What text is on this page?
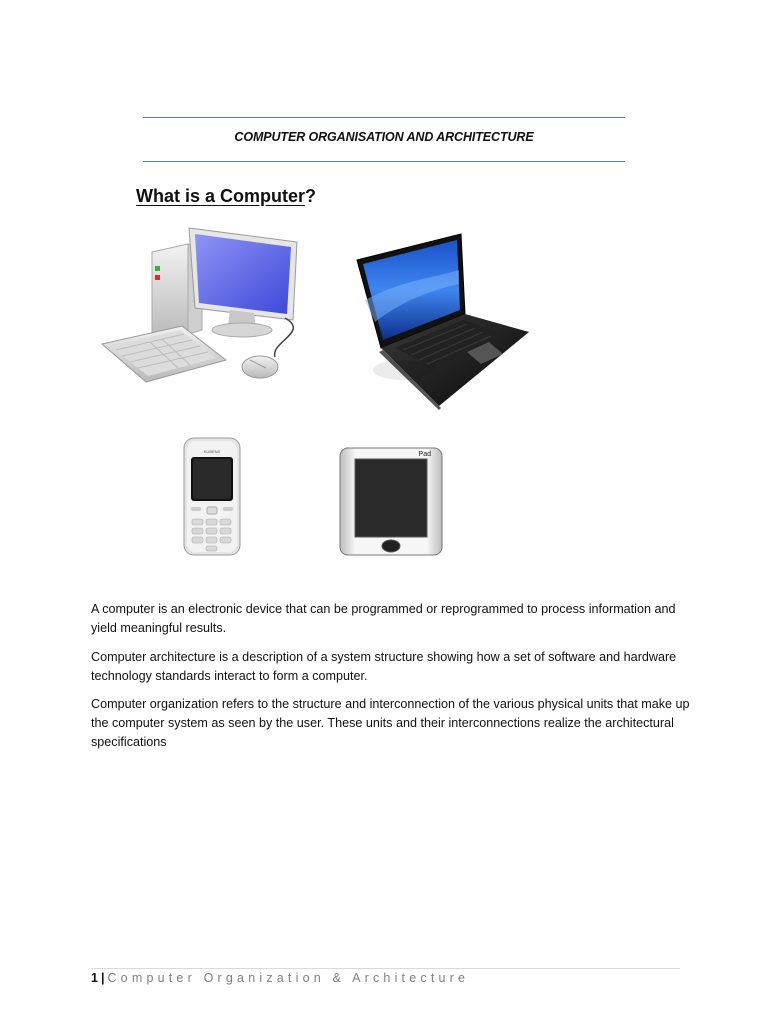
COMPUTER ORGANISATION AND ARCHITECTURE
What is a Computer?
KUBENS	Pad

A computer is an electronic device that can be programmed or reprogrammed to process information and yield meaningful results.

Computer architecture is a description of a system structure showing how a set of software and hardware technology standards interact to form a computer.

Computer organization refers to the structure and interconnection of the various physical units that make up the computer system as seen by the user. These units and their interconnections realize the architectural specifications

1 | Computer Organization & Architecture
